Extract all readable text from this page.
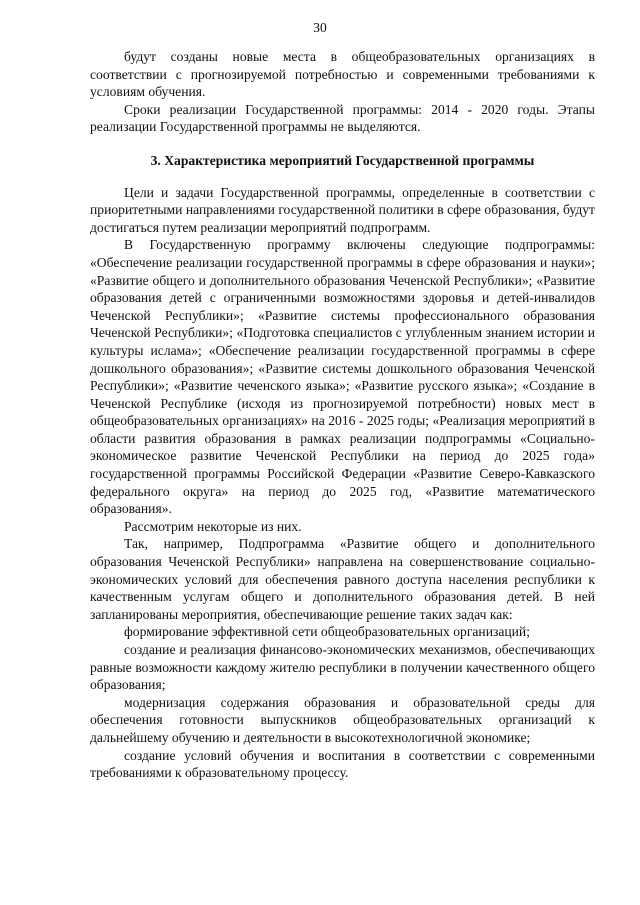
30

будут созданы новые места в общеобразовательных организациях в соответствии с прогнозируемой потребностью и современными требованиями к условиям обучения.

Сроки реализации Государственной программы: 2014 - 2020 годы. Этапы реализации Государственной программы не выделяются.

3. Характеристика мероприятий Государственной программы

Цели и задачи Государственной программы, определенные в соответствии с приоритетными направлениями государственной политики в сфере образования, будут достигаться путем реализации мероприятий подпрограмм.

В Государственную программу включены следующие подпрограммы: «Обеспечение реализации государственной программы в сфере образования и науки»; «Развитие общего и дополнительного образования Чеченской Республики»; «Развитие образования детей с ограниченными возможностями здоровья и детей-инвалидов Чеченской Республики»; «Развитие системы профессионального образования Чеченской Республики»; «Подготовка специалистов с углубленным знанием истории и культуры ислама»; «Обеспечение реализации государственной программы в сфере дошкольного образования»; «Развитие системы дошкольного образования Чеченской Республики»; «Развитие чеченского языка»; «Развитие русского языка»; «Создание в Чеченской Республике (исходя из прогнозируемой потребности) новых мест в общеобразовательных организациях» на 2016 - 2025 годы; «Реализация мероприятий в области развития образования в рамках реализации подпрограммы «Социально-экономическое развитие Чеченской Республики на период до 2025 года» государственной программы Российской Федерации «Развитие Северо-Кавказского федерального округа» на период до 2025 год, «Развитие математического образования».

Рассмотрим некоторые из них.

Так, например, Подпрограмма «Развитие общего и дополнительного образования Чеченской Республики» направлена на совершенствование социально-экономических условий для обеспечения равного доступа населения республики к качественным услугам общего и дополнительного образования детей. В ней запланированы мероприятия, обеспечивающие решение таких задач как:

формирование эффективной сети общеобразовательных организаций;

создание и реализация финансово-экономических механизмов, обеспечивающих равные возможности каждому жителю республики в получении качественного общего образования;

модернизация содержания образования и образовательной среды для обеспечения готовности выпускников общеобразовательных организаций к дальнейшему обучению и деятельности в высокотехнологичной экономике;

создание условий обучения и воспитания в соответствии с современными требованиями к образовательному процессу.
